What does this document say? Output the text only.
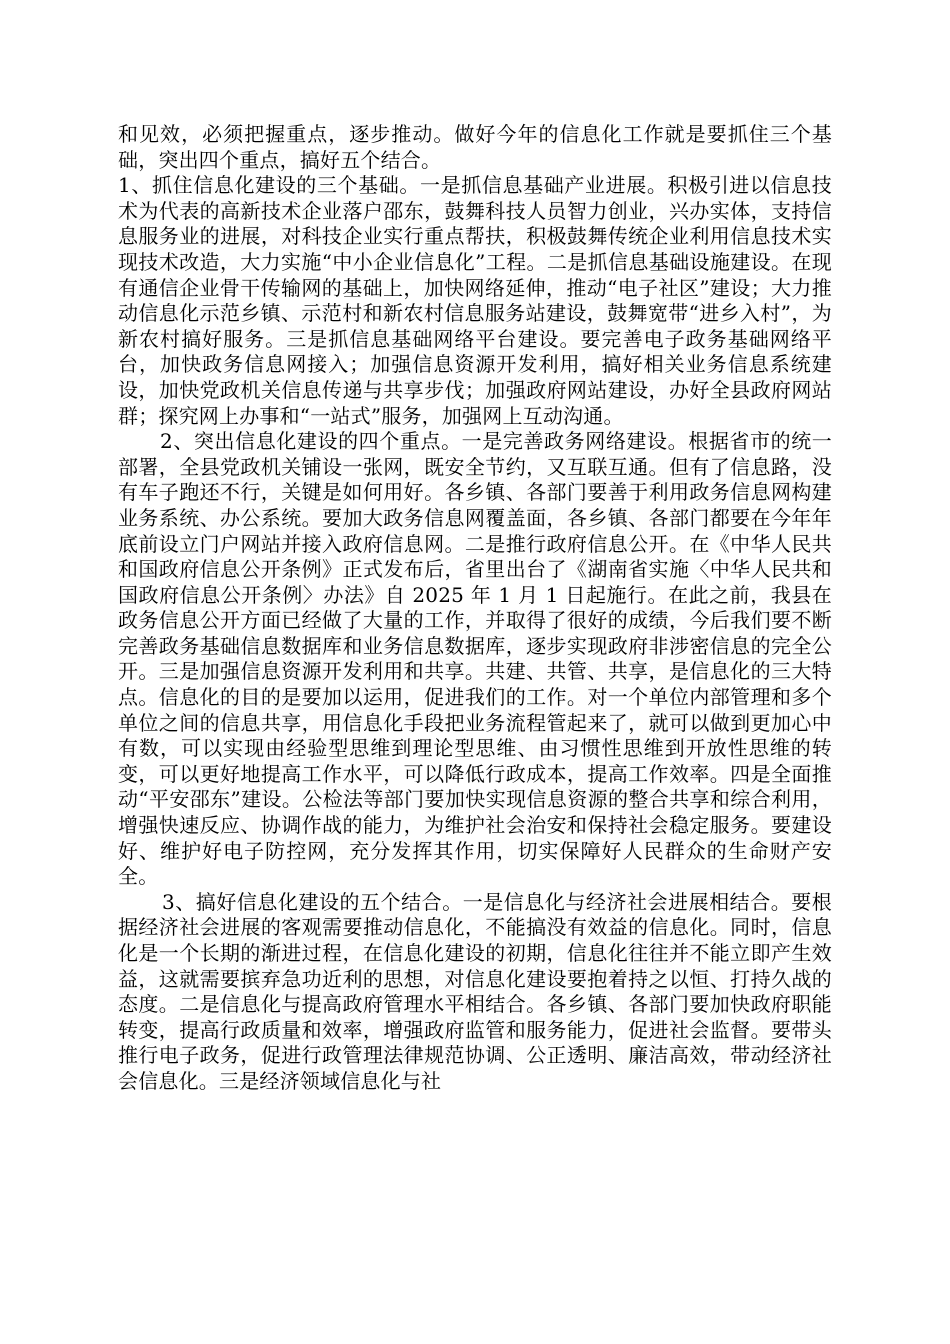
和见效，必须把握重点，逐步推动。做好今年的信息化工作就是要抓住三个基础，突出四个重点，搞好五个结合。

1、抓住信息化建设的三个基础。一是抓信息基础产业进展。积极引进以信息技术为代表的高新技术企业落户邵东，鼓舞科技人员智力创业，兴办实体，支持信息服务业的进展，对科技企业实行重点帮扶，积极鼓舞传统企业利用信息技术实现技术改造，大力实施“中小企业信息化”工程。二是抓信息基础设施建设。在现有通信企业骨干传输网的基础上，加快网络延伸，推动“电子社区”建设；大力推动信息化示范乡镇、示范村和新农村信息服务站建设，鼓舞宽带“进乡入村”，为新农村搞好服务。三是抓信息基础网络平台建设。要完善电子政务基础网络平台，加快政务信息网接入；加强信息资源开发利用，搞好相关业务信息系统建设，加快党政机关信息传递与共享步伐；加强政府网站建设，办好全县政府网站群；探究网上办事和“一站式”服务，加强网上互动沟通。

2、突出信息化建设的四个重点。一是完善政务网络建设。根据省市的统一部署，全县党政机关铺设一张网，既安全节约，又互联互通。但有了信息路，没有车子跑还不行，关键是如何用好。各乡镇、各部门要善于利用政务信息网构建业务系统、办公系统。要加大政务信息网覆盖面，各乡镇、各部门都要在今年年底前设立门户网站并接入政府信息网。二是推行政府信息公开。在《中华人民共和国政府信息公开条例》正式发布后，省里出台了《湖南省实施〈中华人民共和国政府信息公开条例〉办法》自 2025 年 1 月 1 日起施行。在此之前，我县在政务信息公开方面已经做了大量的工作，并取得了很好的成绩，今后我们要不断完善政务基础信息数据库和业务信息数据库，逐步实现政府非涉密信息的完全公开。三是加强信息资源开发利用和共享。共建、共管、共享，是信息化的三大特点。信息化的目的是要加以运用，促进我们的工作。对一个单位内部管理和多个单位之间的信息共享，用信息化手段把业务流程管起来了，就可以做到更加心中有数，可以实现由经验型思维到理论型思维、由习惯性思维到开放性思维的转变，可以更好地提高工作水平，可以降低行政成本，提高工作效率。四是全面推动“平安邵东”建设。公检法等部门要加快实现信息资源的整合共享和综合利用，增强快速反应、协调作战的能力，为维护社会治安和保持社会稳定服务。要建设好、维护好电子防控网，充分发挥其作用，切实保障好人民群众的生命财产安全。

3、搞好信息化建设的五个结合。一是信息化与经济社会进展相结合。要根据经济社会进展的客观需要推动信息化，不能搞没有效益的信息化。同时，信息化是一个长期的渐进过程，在信息化建设的初期，信息化往往并不能立即产生效益，这就需要摈弃急功近利的思想，对信息化建设要抱着持之以恒、打持久战的态度。二是信息化与提高政府管理水平相结合。各乡镇、各部门要加快政府职能转变，提高行政质量和效率，增强政府监管和服务能力，促进社会监督。要带头推行电子政务，促进行政管理法律规范协调、公正透明、廉洁高效，带动经济社会信息化。三是经济领域信息化与社
